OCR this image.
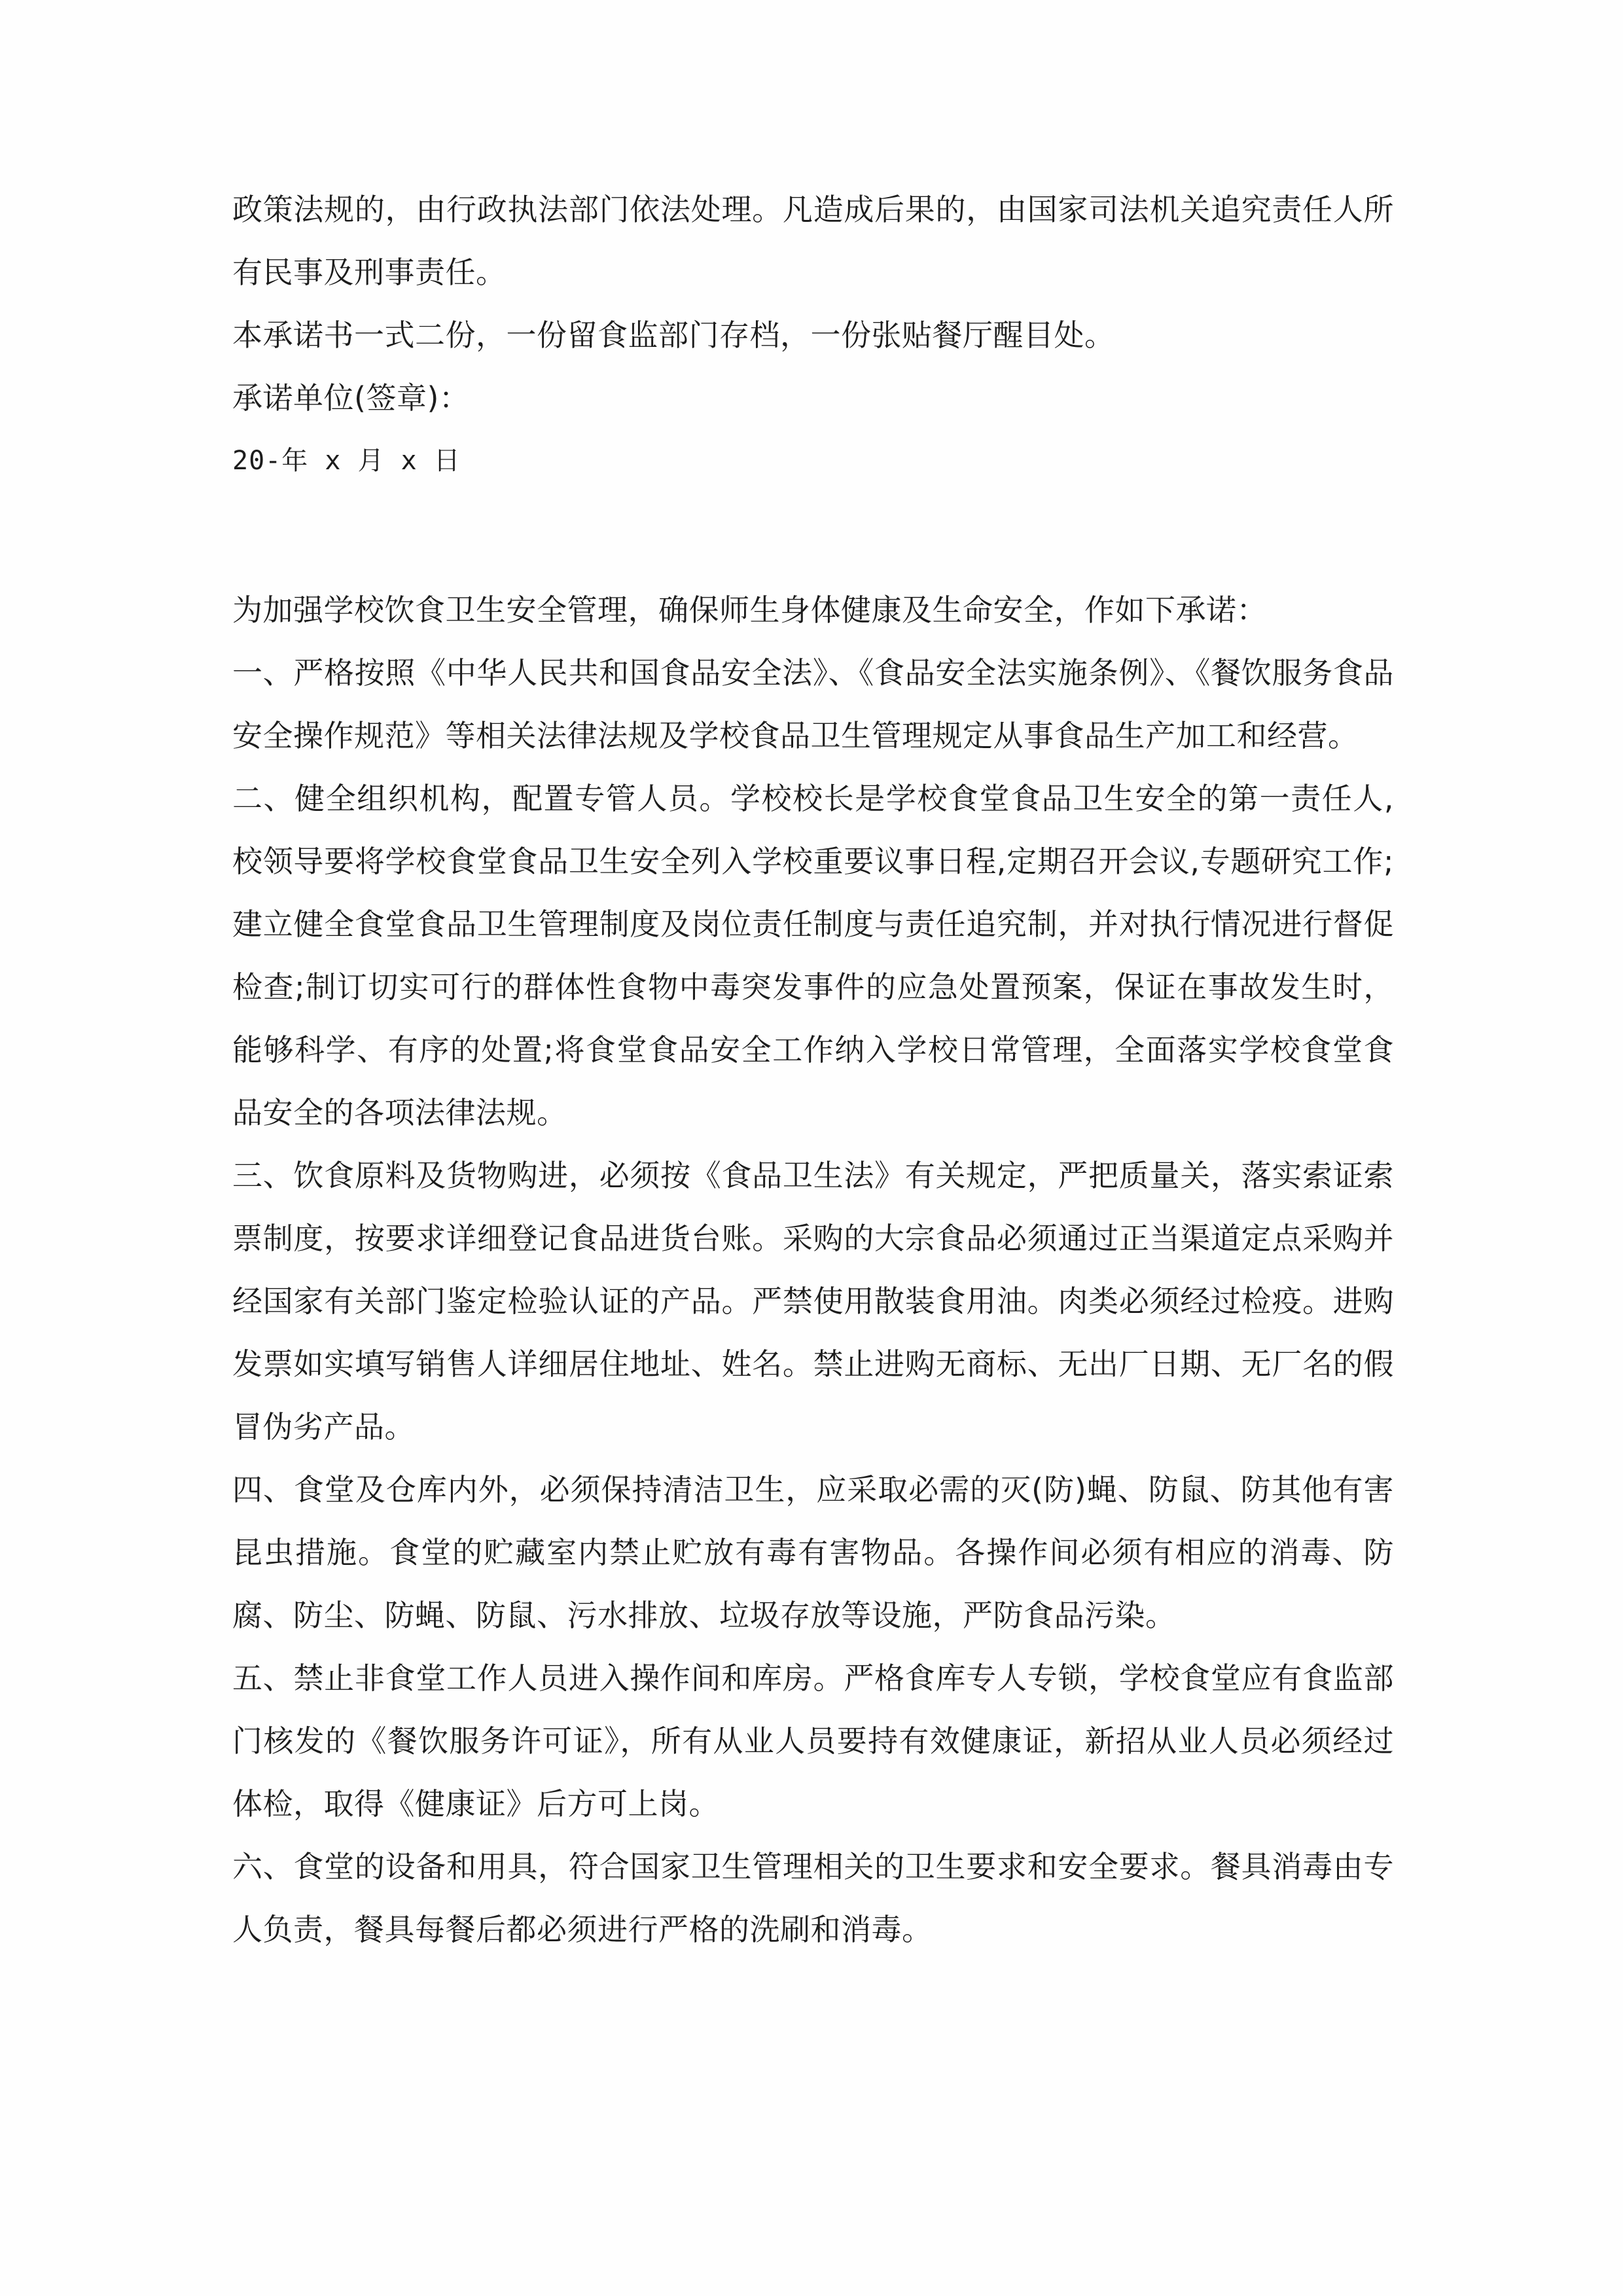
政策法规的，由行政执法部门依法处理。凡造成后果的，由国家司法机关追究责任人所有民事及刑事责任。

本承诺书一式二份，一份留食监部门存档，一份张贴餐厅醒目处。

承诺单位(签章)：

20-年 x 月 x 日

为加强学校饮食卫生安全管理，确保师生身体健康及生命安全，作如下承诺：

一、严格按照《中华人民共和国食品安全法》、《食品安全法实施条例》、《餐饮服务食品安全操作规范》等相关法律法规及学校食品卫生管理规定从事食品生产加工和经营。

二、健全组织机构，配置专管人员。学校校长是学校食堂食品卫生安全的第一责任人,校领导要将学校食堂食品卫生安全列入学校重要议事日程,定期召开会议,专题研究工作;建立健全食堂食品卫生管理制度及岗位责任制度与责任追究制，并对执行情况进行督促检查;制订切实可行的群体性食物中毒突发事件的应急处置预案，保证在事故发生时，能够科学、有序的处置;将食堂食品安全工作纳入学校日常管理，全面落实学校食堂食品安全的各项法律法规。

三、饮食原料及货物购进，必须按《食品卫生法》有关规定，严把质量关，落实索证索票制度，按要求详细登记食品进货台账。采购的大宗食品必须通过正当渠道定点采购并经国家有关部门鉴定检验认证的产品。严禁使用散装食用油。肉类必须经过检疫。进购发票如实填写销售人详细居住地址、姓名。禁止进购无商标、无出厂日期、无厂名的假冒伪劣产品。

四、食堂及仓库内外，必须保持清洁卫生，应采取必需的灭(防)蝇、防鼠、防其他有害昆虫措施。食堂的贮藏室内禁止贮放有毒有害物品。各操作间必须有相应的消毒、防腐、防尘、防蝇、防鼠、污水排放、垃圾存放等设施，严防食品污染。

五、禁止非食堂工作人员进入操作间和库房。严格食库专人专锁，学校食堂应有食监部门核发的《餐饮服务许可证》，所有从业人员要持有效健康证，新招从业人员必须经过体检，取得《健康证》后方可上岗。

六、食堂的设备和用具，符合国家卫生管理相关的卫生要求和安全要求。餐具消毒由专人负责，餐具每餐后都必须进行严格的洗刷和消毒。
